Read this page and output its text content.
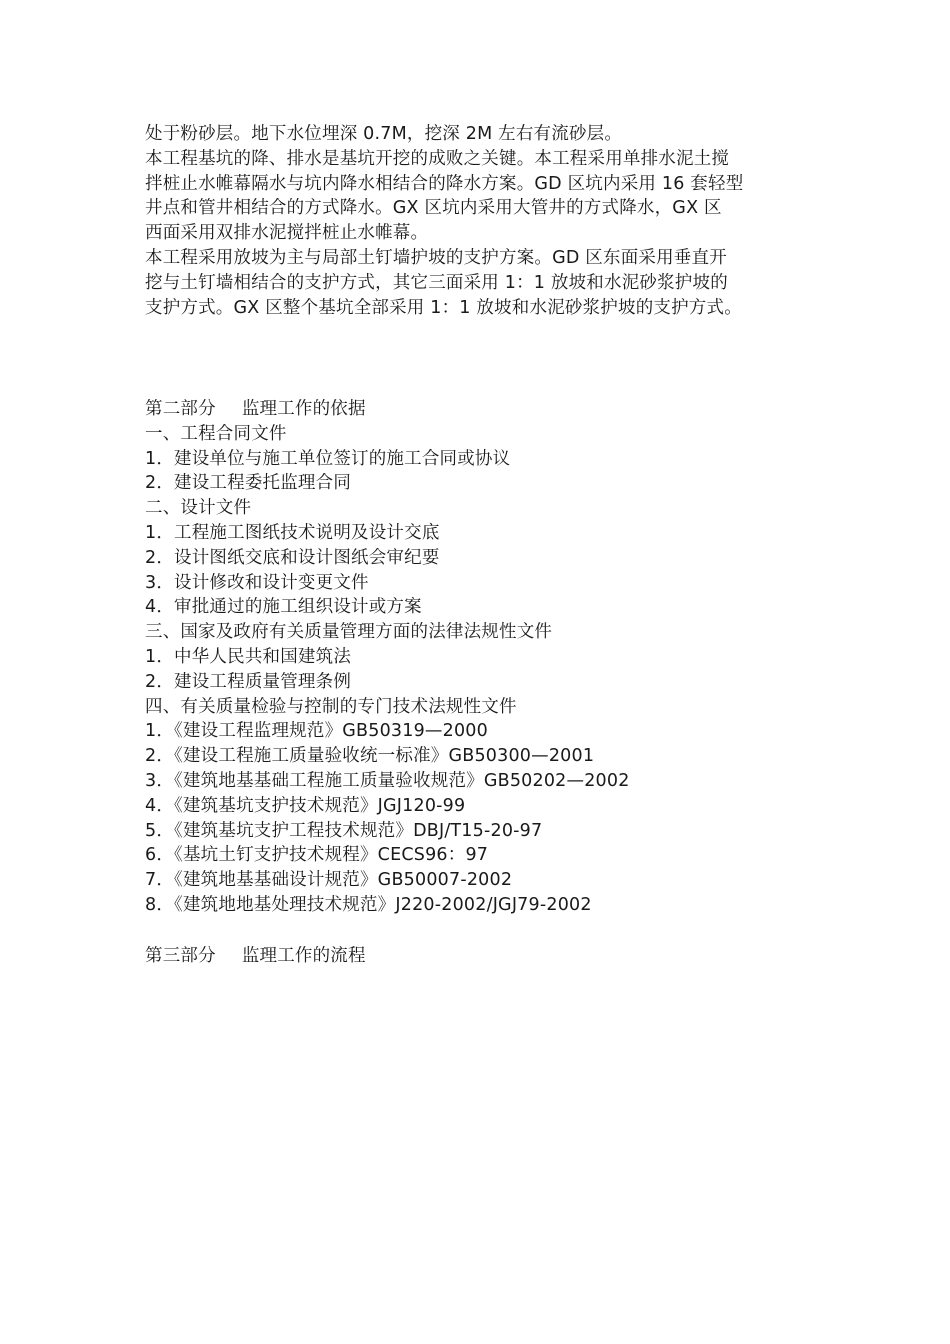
处于粉砂层。地下水位埋深 0.7M，挖深 2M 左右有流砂层。
本工程基坑的降、排水是基坑开挖的成败之关键。本工程采用单排水泥土搅
拌桩止水帷幕隔水与坑内降水相结合的降水方案。GD 区坑内采用 16 套轻型
井点和管井相结合的方式降水。GX 区坑内采用大管井的方式降水，GX 区
西面采用双排水泥搅拌桩止水帷幕。
本工程采用放坡为主与局部土钉墙护坡的支护方案。GD 区东面采用垂直开
挖与土钉墙相结合的支护方式，其它三面采用 1：1 放坡和水泥砂浆护坡的
支护方式。GX 区整个基坑全部采用 1：1 放坡和水泥砂浆护坡的支护方式。
第二部分 监理工作的依据
一、工程合同文件
1．建设单位与施工单位签订的施工合同或协议
2．建设工程委托监理合同
二、设计文件
1．工程施工图纸技术说明及设计交底
2．设计图纸交底和设计图纸会审纪要
3．设计修改和设计变更文件
4．审批通过的施工组织设计或方案
三、国家及政府有关质量管理方面的法律法规性文件
1．中华人民共和国建筑法
2．建设工程质量管理条例
四、有关质量检验与控制的专门技术法规性文件
1．《建设工程监理规范》GB50319—2000
2．《建设工程施工质量验收统一标准》GB50300—2001
3．《建筑地基基础工程施工质量验收规范》GB50202—2002
4．《建筑基坑支护技术规范》JGJ120-99
5．《建筑基坑支护工程技术规范》DBJ/T15-20-97
6．《基坑土钉支护技术规程》CECS96：97
7．《建筑地基基础设计规范》GB50007-2002
8．《建筑地地基处理技术规范》J220-2002/JGJ79-2002
第三部分 监理工作的流程
